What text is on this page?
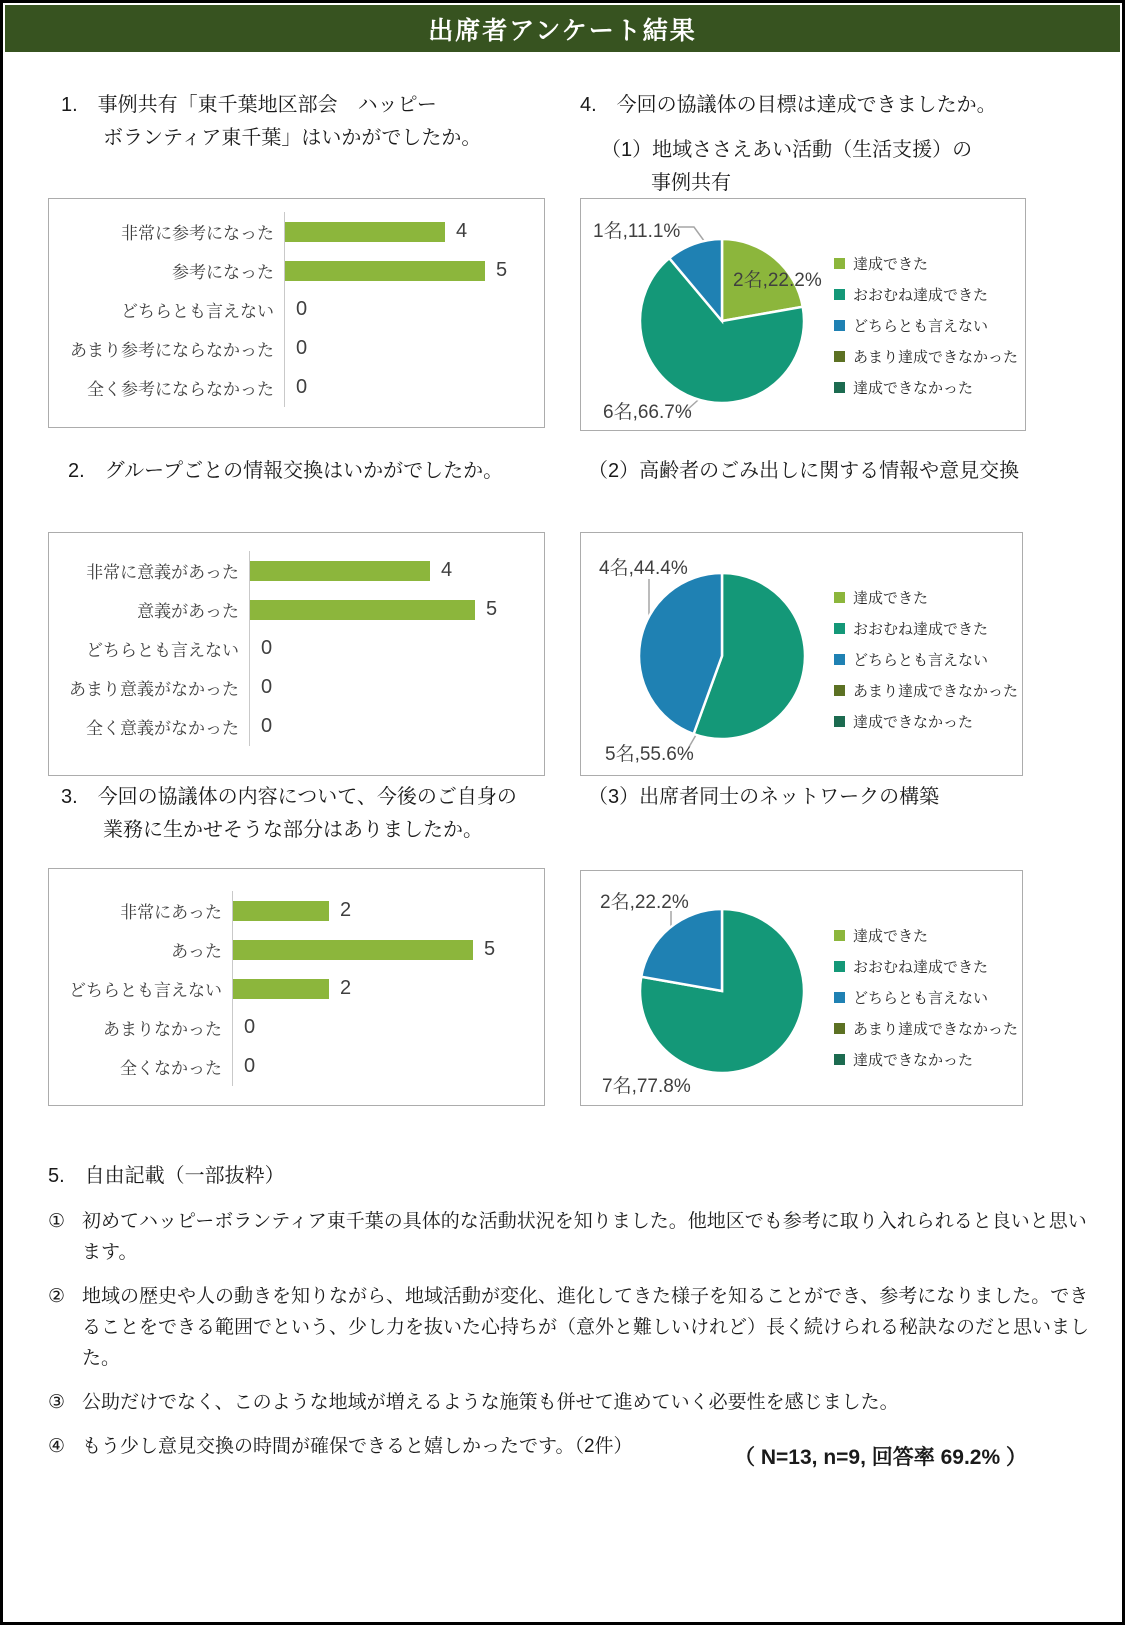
出席者アンケート結果
1.　事例共有「東千葉地区部会　ハッピー
ボランティア東千葉」はいかがでしたか。
非常に参考になった	4
参考になった	5
どちらとも言えない	0
あまり参考にならなかった	0
全く参考にならなかった	0
4.　今回の協議体の目標は達成できましたか。
（1）地域ささえあい活動（生活支援）の
事例共有
2名,22.2%
6名,66.7%
1名,11.1%
達成できた
おおむね達成できた
どちらとも言えない
あまり達成できなかった
達成できなかった
2.　グループごとの情報交換はいかがでしたか。
非常に意義があった	4
意義があった	5
どちらとも言えない	0
あまり意義がなかった	0
全く意義がなかった	0
（2）高齢者のごみ出しに関する情報や意見交換
5名,55.6%
4名,44.4%
達成できた
おおむね達成できた
どちらとも言えない
あまり達成できなかった
達成できなかった
3.　今回の協議体の内容について、今後のご自身の
業務に生かせそうな部分はありましたか。
非常にあった	2
あった	5
どちらとも言えない	2
あまりなかった	0
全くなかった	0
（3）出席者同士のネットワークの構築
7名,77.8%
2名,22.2%
達成できた
おおむね達成できた
どちらとも言えない
あまり達成できなかった
達成できなかった
5.　自由記載（一部抜粋）
① 初めてハッピーボランティア東千葉の具体的な活動状況を知りました。他地区でも参考に取り入れられると良いと思います。
② 地域の歴史や人の動きを知りながら、地域活動が変化、進化してきた様子を知ることができ、参考になりました。できることをできる範囲でという、少し力を抜いた心持ちが（意外と難しいけれど）長く続けられる秘訣なのだと思いました。
③ 公助だけでなく、このような地域が増えるような施策も併せて進めていく必要性を感じました。
④ もう少し意見交換の時間が確保できると嬉しかったです。（2件）	（ N=13, n=9, 回答率 69.2% ）
